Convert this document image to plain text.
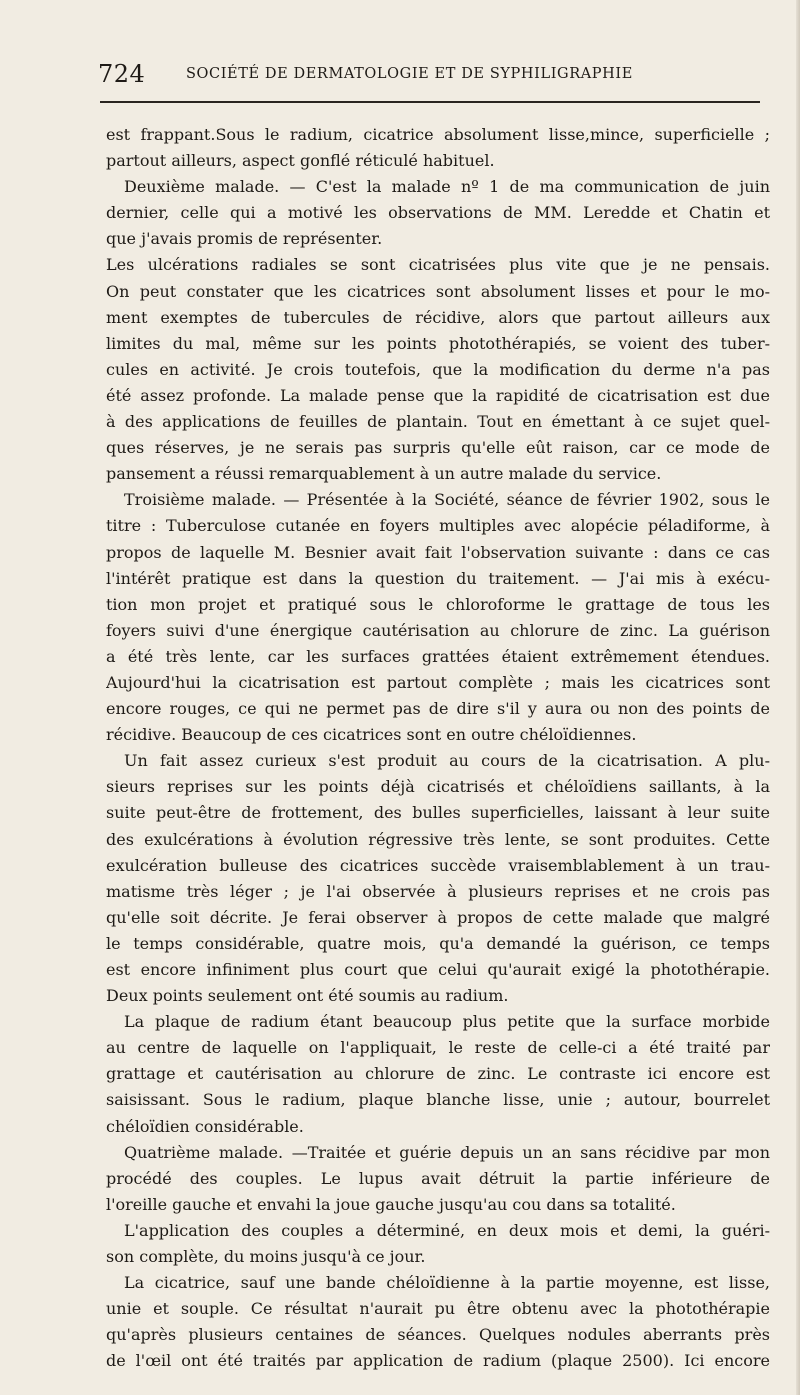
724	SOCIÉTÉ DE DERMATOLOGIE ET DE SYPHILIGRAPHIE
est frappant.Sous le radium, cicatrice absolument lisse,mince, superficielle ;
partout ailleurs, aspect gonflé réticulé habituel.
Deuxième malade. — C'est la malade nº 1 de ma communication de juin
dernier, celle qui a motivé les observations de MM. Leredde et Chatin et
que j'avais promis de représenter.
Les ulcérations radiales se sont cicatrisées plus vite que je ne pensais.
On peut constater que les cicatrices sont absolument lisses et pour le mo-
ment exemptes de tubercules de récidive, alors que partout ailleurs aux
limites du mal, même sur les points photothérapiés, se voient des tuber-
cules en activité. Je crois toutefois, que la modification du derme n'a pas
été assez profonde. La malade pense que la rapidité de cicatrisation est due
à des applications de feuilles de plantain. Tout en émettant à ce sujet quel-
ques réserves, je ne serais pas surpris qu'elle eût raison, car ce mode de
pansement a réussi remarquablement à un autre malade du service.
Troisième malade. — Présentée à la Société, séance de février 1902, sous le
titre : Tuberculose cutanée en foyers multiples avec alopécie péladiforme, à
propos de laquelle M. Besnier avait fait l'observation suivante : dans ce cas
l'intérêt pratique est dans la question du traitement. — J'ai mis à exécu-
tion mon projet et pratiqué sous le chloroforme le grattage de tous les
foyers suivi d'une énergique cautérisation au chlorure de zinc. La guérison
a été très lente, car les surfaces grattées étaient extrêmement étendues.
Aujourd'hui la cicatrisation est partout complète ; mais les cicatrices sont
encore rouges, ce qui ne permet pas de dire s'il y aura ou non des points de
récidive. Beaucoup de ces cicatrices sont en outre chéloïdiennes.
Un fait assez curieux s'est produit au cours de la cicatrisation. A plu-
sieurs reprises sur les points déjà cicatrisés et chéloïdiens saillants, à la
suite peut-être de frottement, des bulles superficielles, laissant à leur suite
des exulcérations à évolution régressive très lente, se sont produites. Cette
exulcération bulleuse des cicatrices succède vraisemblablement à un trau-
matisme très léger ; je l'ai observée à plusieurs reprises et ne crois pas
qu'elle soit décrite. Je ferai observer à propos de cette malade que malgré
le temps considérable, quatre mois, qu'a demandé la guérison, ce temps
est encore infiniment plus court que celui qu'aurait exigé la photothérapie.
Deux points seulement ont été soumis au radium.
La plaque de radium étant beaucoup plus petite que la surface morbide
au centre de laquelle on l'appliquait, le reste de celle-ci a été traité par
grattage et cautérisation au chlorure de zinc. Le contraste ici encore est
saisissant. Sous le radium, plaque blanche lisse, unie ; autour, bourrelet
chéloïdien considérable.
Quatrième malade. —Traitée et guérie depuis un an sans récidive par mon
procédé des couples. Le lupus avait détruit la partie inférieure de
l'oreille gauche et envahi la joue gauche jusqu'au cou dans sa totalité.
L'application des couples a déterminé, en deux mois et demi, la guéri-
son complète, du moins jusqu'à ce jour.
La cicatrice, sauf une bande chéloïdienne à la partie moyenne, est lisse,
unie et souple. Ce résultat n'aurait pu être obtenu avec la photothérapie
qu'après plusieurs centaines de séances. Quelques nodules aberrants près
de l'œil ont été traités par application de radium (plaque 2500). Ici encore
